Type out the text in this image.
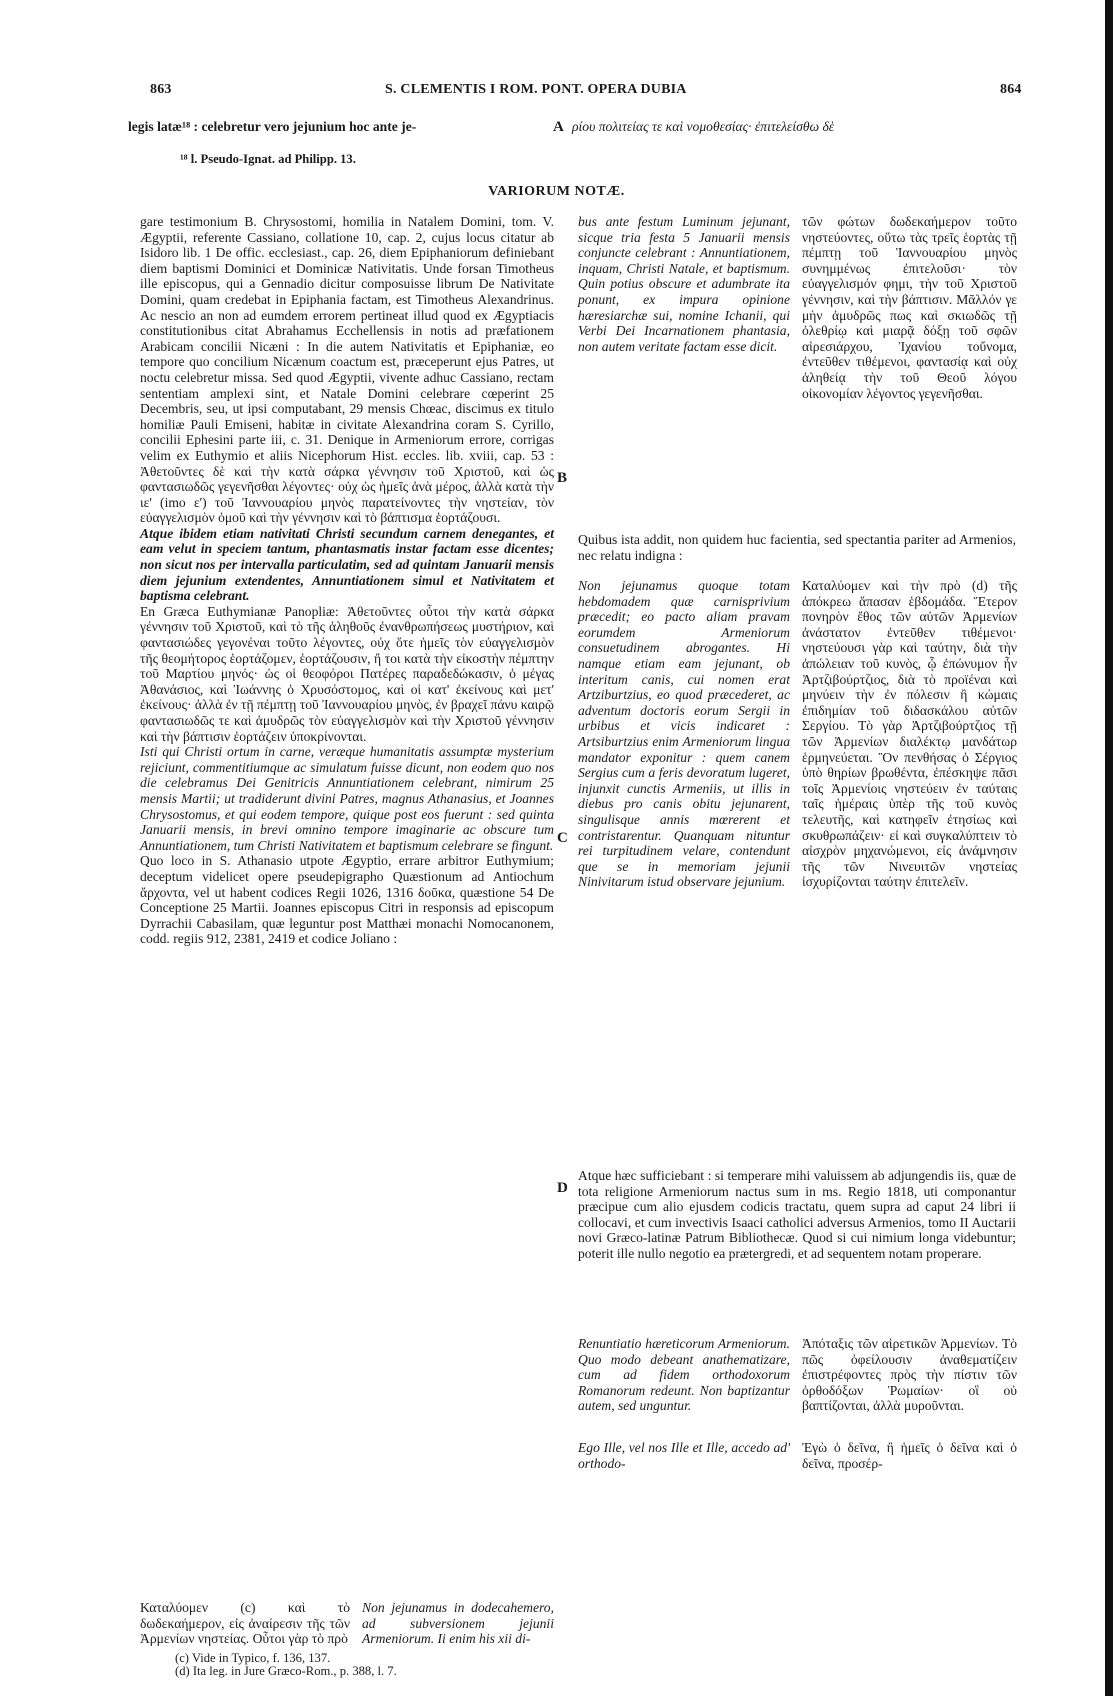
863	S. CLEMENTIS I ROM. PONT. OPERA DUBIA	864
legis latæ¹⁸ : celebretur vero jejunium hoc ante je-	A ρίου πολιτείας τε καὶ νομοθεσίας· ἐπιτελείσθω δὲ
¹⁸ l. Pseudo-Ignat. ad Philipp. 13.
VARIORUM NOTÆ.

gare testimonium B. Chrysostomi, homilia in Natalem Domini, tom. V. Ægyptii, referente Cassiano, collatione 10, cap. 2, cujus locus citatur ab Isidoro lib. 1 De offic. ecclesiast., cap. 26, diem Epiphaniorum definiebant diem baptismi Dominici et Dominicæ Nativitatis. Unde forsan Timotheus ille episcopus, qui a Gennadio dicitur composuisse librum De Nativitate Domini, quam credebat in Epiphania factam, est Timotheus Alexandrinus. Ac nescio an non ad eumdem errorem pertineat illud quod ex Ægyptiacis constitutionibus citat Abrahamus Ecchellensis in notis ad præfationem Arabicam concilii Nicæni : In die autem Nativitatis et Epiphaniæ, eo tempore quo concilium Nicænum coactum est, præceperunt ejus Patres, ut noctu celebretur missa. Sed quod Ægyptii, vivente adhuc Cassiano, rectam sententiam amplexi sint, et Natale Domini celebrare cœperint 25 Decembris, seu, ut ipsi computabant, 29 mensis Chœac, discimus ex titulo homiliæ Pauli Emiseni, habitæ in civitate Alexandrina coram S. Cyrillo, concilii Ephesini parte iii, c. 31. Denique in Armeniorum errore, corrigas velim ex Euthymio et aliis Nicephorum Hist. eccles. lib. xviii, cap. 53 : Ἀθετοῦντες δὲ καὶ τὴν κατὰ σάρκα γέννησιν τοῦ Χριστοῦ, καὶ ὡς φαντασιωδῶς γεγενῆσθαι λέγοντες· οὐχ ὡς ἡμεῖς ἀνὰ μέρος, ἀλλὰ κατὰ τὴν ιε' (imo ε') τοῦ Ἰαννουαρίου μηνὸς παρατείνοντες τὴν νηστείαν, τὸν εὐαγγελισμὸν ὁμοῦ καὶ τὴν γέννησιν καὶ τὸ βάπτισμα ἑορτάζουσι.

Atque ibidem etiam nativitati Christi secundum carnem denegantes, et eam velut in speciem tantum, phantasmatis instar factam esse dicentes; non sicut nos per intervalla particulatim, sed ad quintam Januarii mensis diem jejunium extendentes, Annuntiationem simul et Nativitatem et baptisma celebrant.

En Græca Euthymianæ Panopliæ: Ἀθετοῦντες οὗτοι τὴν κατὰ σάρκα γέννησιν τοῦ Χριστοῦ, καὶ τὸ τῆς ἀληθοῦς ἐνανθρωπήσεως μυστήριον, καὶ φαντασιώδες γεγονέναι τοῦτο λέγοντες, οὐχ ὅτε ἡμεῖς τὸν εὐαγγελισμὸν τῆς θεομήτορος ἑορτάζομεν, ἑορτάζουσιν, ἤ τοι κατὰ τὴν εἰκοστὴν πέμπτην τοῦ Μαρτίου μηνός· ὡς οἱ θεοφόροι Πατέρες παραδεδώκασιν, ὁ μέγας Ἀθανάσιος, καὶ Ἰωάννης ὁ Χρυσόστομος, καὶ οἱ κατ' ἐκείνους καὶ μετ' ἐκείνους· ἀλλὰ ἐν τῇ πέμπτῃ τοῦ Ἰαννουαρίου μηνὸς, ἐν βραχεῖ πάνυ καιρῷ φαντασιωδῶς τε καὶ ἀμυδρῶς τὸν εὐαγγελισμὸν καὶ τὴν Χριστοῦ γέννησιν καὶ τὴν βάπτισιν ἑορτάζειν ὑποκρίνονται.

Isti qui Christi ortum in carne, veræque humanitatis assumptæ mysterium rejiciunt, commentitiumque ac simulatum fuisse dicunt, non eodem quo nos die celebramus Dei Genitricis Annuntiationem celebrant, nimirum 25 mensis Martii; ut tradiderunt divini Patres, magnus Athanasius, et Joannes Chrysostomus, et qui eodem tempore, quique post eos fuerunt : sed quinta Januarii mensis, in brevi omnino tempore imaginarie ac obscure tum Annuntiationem, tum Christi Nativitatem et baptismum celebrare se fingunt.

Quo loco in S. Athanasio utpote Ægyptio, errare arbitror Euthymium; deceptum videlicet opere pseudepigrapho Quæstionum ad Antiochum ἄρχοντα, vel ut habent codices Regii 1026, 1316 δοῦκα, quæstione 54 De Conceptione 25 Martii. Joannes episcopus Citri in responsis ad episcopum Dyrrachii Cabasilam, quæ leguntur post Matthæi monachi Nomocanonem, codd. regiis 912, 2381, 2419 et codice Joliano :

Καταλύομεν (c) καὶ τὸ δωδεκαήμερον, εἰς ἀναίρεσιν τῆς τῶν Ἀρμενίων νηστείας. Οὗτοι γὰρ τὸ πρὸ
Non jejunamus in dodecahemero, ad subversionem jejunii Armeniorum. Ii enim his xii di-
(c) Vide in Typico, f. 136, 137.
(d) Ita leg. in Jure Græco-Rom., p. 388, l. 7.
B
C
D
bus ante festum Luminum jejunant, sicque tria festa 5 Januarii mensis conjuncte celebrant : Annuntiationem, inquam, Christi Natale, et baptismum. Quin potius obscure et adumbrate ita ponunt, ex impura opinione hæresiarchæ sui, nomine Ichanii, qui Verbi Dei Incarnationem phantasia, non autem veritate factam esse dicit.
τῶν φώτων δωδεκαήμερον τοῦτο νηστεύοντες, οὕτω τὰς τρεῖς ἑορτὰς τῇ πέμπτῃ τοῦ Ἰαννουαρίου μηνὸς συνημμένως ἐπιτελοῦσι· τὸν εὐαγγελισμόν φημι, τὴν τοῦ Χριστοῦ γέννησιν, καὶ τὴν βάπτισιν. Μᾶλλόν γε μὴν ἀμυδρῶς πως καὶ σκιωδῶς τῇ ὀλεθρίῳ καὶ μιαρᾷ δόξῃ τοῦ σφῶν αἱρεσιάρχου, Ἰχανίου τοὔνομα, ἐντεῦθεν τιθέμενοι, φαντασίᾳ καὶ οὐχ ἀληθείᾳ τὴν τοῦ Θεοῦ λόγου οἰκονομίαν λέγοντος γεγενῆσθαι.
Quibus ista addit, non quidem huc facientia, sed spectantia pariter ad Armenios, nec relatu indigna :
Non jejunamus quoque totam hebdomadem quæ carnisprivium præcedit; eo pacto aliam pravam eorumdem Armeniorum consuetudinem abrogantes. Hi namque etiam eam jejunant, ob interitum canis, cui nomen erat Artziburtzius, eo quod præcederet, ac adventum doctoris eorum Sergii in urbibus et vicis indicaret : Artsiburtzius enim Armeniorum lingua mandator exponitur : quem canem Sergius cum a feris devoratum lugeret, injunxit cunctis Armeniis, ut illis in diebus pro canis obitu jejunarent, singulisque annis mœrerent et contristarentur. Quanquam nituntur rei turpitudinem velare, contendunt que se in memoriam jejunii Ninivitarum istud observare jejunium.
Καταλύομεν καὶ τὴν πρὸ (d) τῆς ἀπόκρεω ἅπασαν ἑβδομάδα. Ἕτερον πονηρὸν ἔθος τῶν αὐτῶν Ἀρμενίων ἀνάστατον ἐντεῦθεν τιθέμενοι· νηστεύουσι γὰρ καὶ ταύτην, διὰ τὴν ἀπώλειαν τοῦ κυνὸς, ᾧ ἐπώνυμον ἦν Ἀρτζιβούρτζιος, διὰ τὸ προϊέναι καὶ μηνύειν τὴν ἐν πόλεσιν ἢ κώμαις ἐπιδημίαν τοῦ διδασκάλου αὐτῶν Σεργίου. Τὸ γὰρ Ἀρτζιβούρτζιος τῇ τῶν Ἀρμενίων διαλέκτῳ μανδάτωρ ἑρμηνεύεται. Ὃν πενθήσας ὁ Σέργιος ὑπὸ θηρίων βρωθέντα, ἐπέσκηψε πᾶσι τοῖς Ἀρμενίοις νηστεύειν ἐν ταύταις ταῖς ἡμέραις ὑπὲρ τῆς τοῦ κυνὸς τελευτῆς, καὶ κατηφεῖν ἐτησίως καὶ σκυθρωπάζειν· εἰ καὶ συγκαλύπτειν τὸ αἰσχρὸν μηχανώμενοι, εἰς ἀνάμνησιν τῆς τῶν Νινευιτῶν νηστείας ἰσχυρίζονται ταύτην ἐπιτελεῖν.
Atque hæc sufficiebant : si temperare mihi valuissem ab adjungendis iis, quæ de tota religione Armeniorum nactus sum in ms. Regio 1818, uti componantur præcipue cum alio ejusdem codicis tractatu, quem supra ad caput 24 libri ii collocavi, et cum invectivis Isaaci catholici adversus Armenios, tomo II Auctarii novi Græco-latinæ Patrum Bibliothecæ. Quod si cui nimium longa videbuntur; poterit ille nullo negotio ea prætergredi, et ad sequentem notam properare.
Renuntiatio hæreticorum Armeniorum. Quo modo debeant anathematizare, cum ad fidem orthodoxorum Romanorum redeunt. Non baptizantur autem, sed unguntur.
Ἀπόταξις τῶν αἱρετικῶν Ἀρμενίων. Τὸ πῶς ὀφείλουσιν ἀναθεματίζειν ἐπιστρέφοντες πρὸς τὴν πίστιν τῶν ὀρθοδόξων Ῥωμαίων· οἳ οὐ βαπτίζονται, ἀλλὰ μυροῦνται.
Ego Ille, vel nos Ille et Ille, accedo ad' orthodo-
Ἐγὼ ὁ δεῖνα, ἢ ἡμεῖς ὁ δεῖνα καὶ ὁ δεῖνα, προσέρ-
